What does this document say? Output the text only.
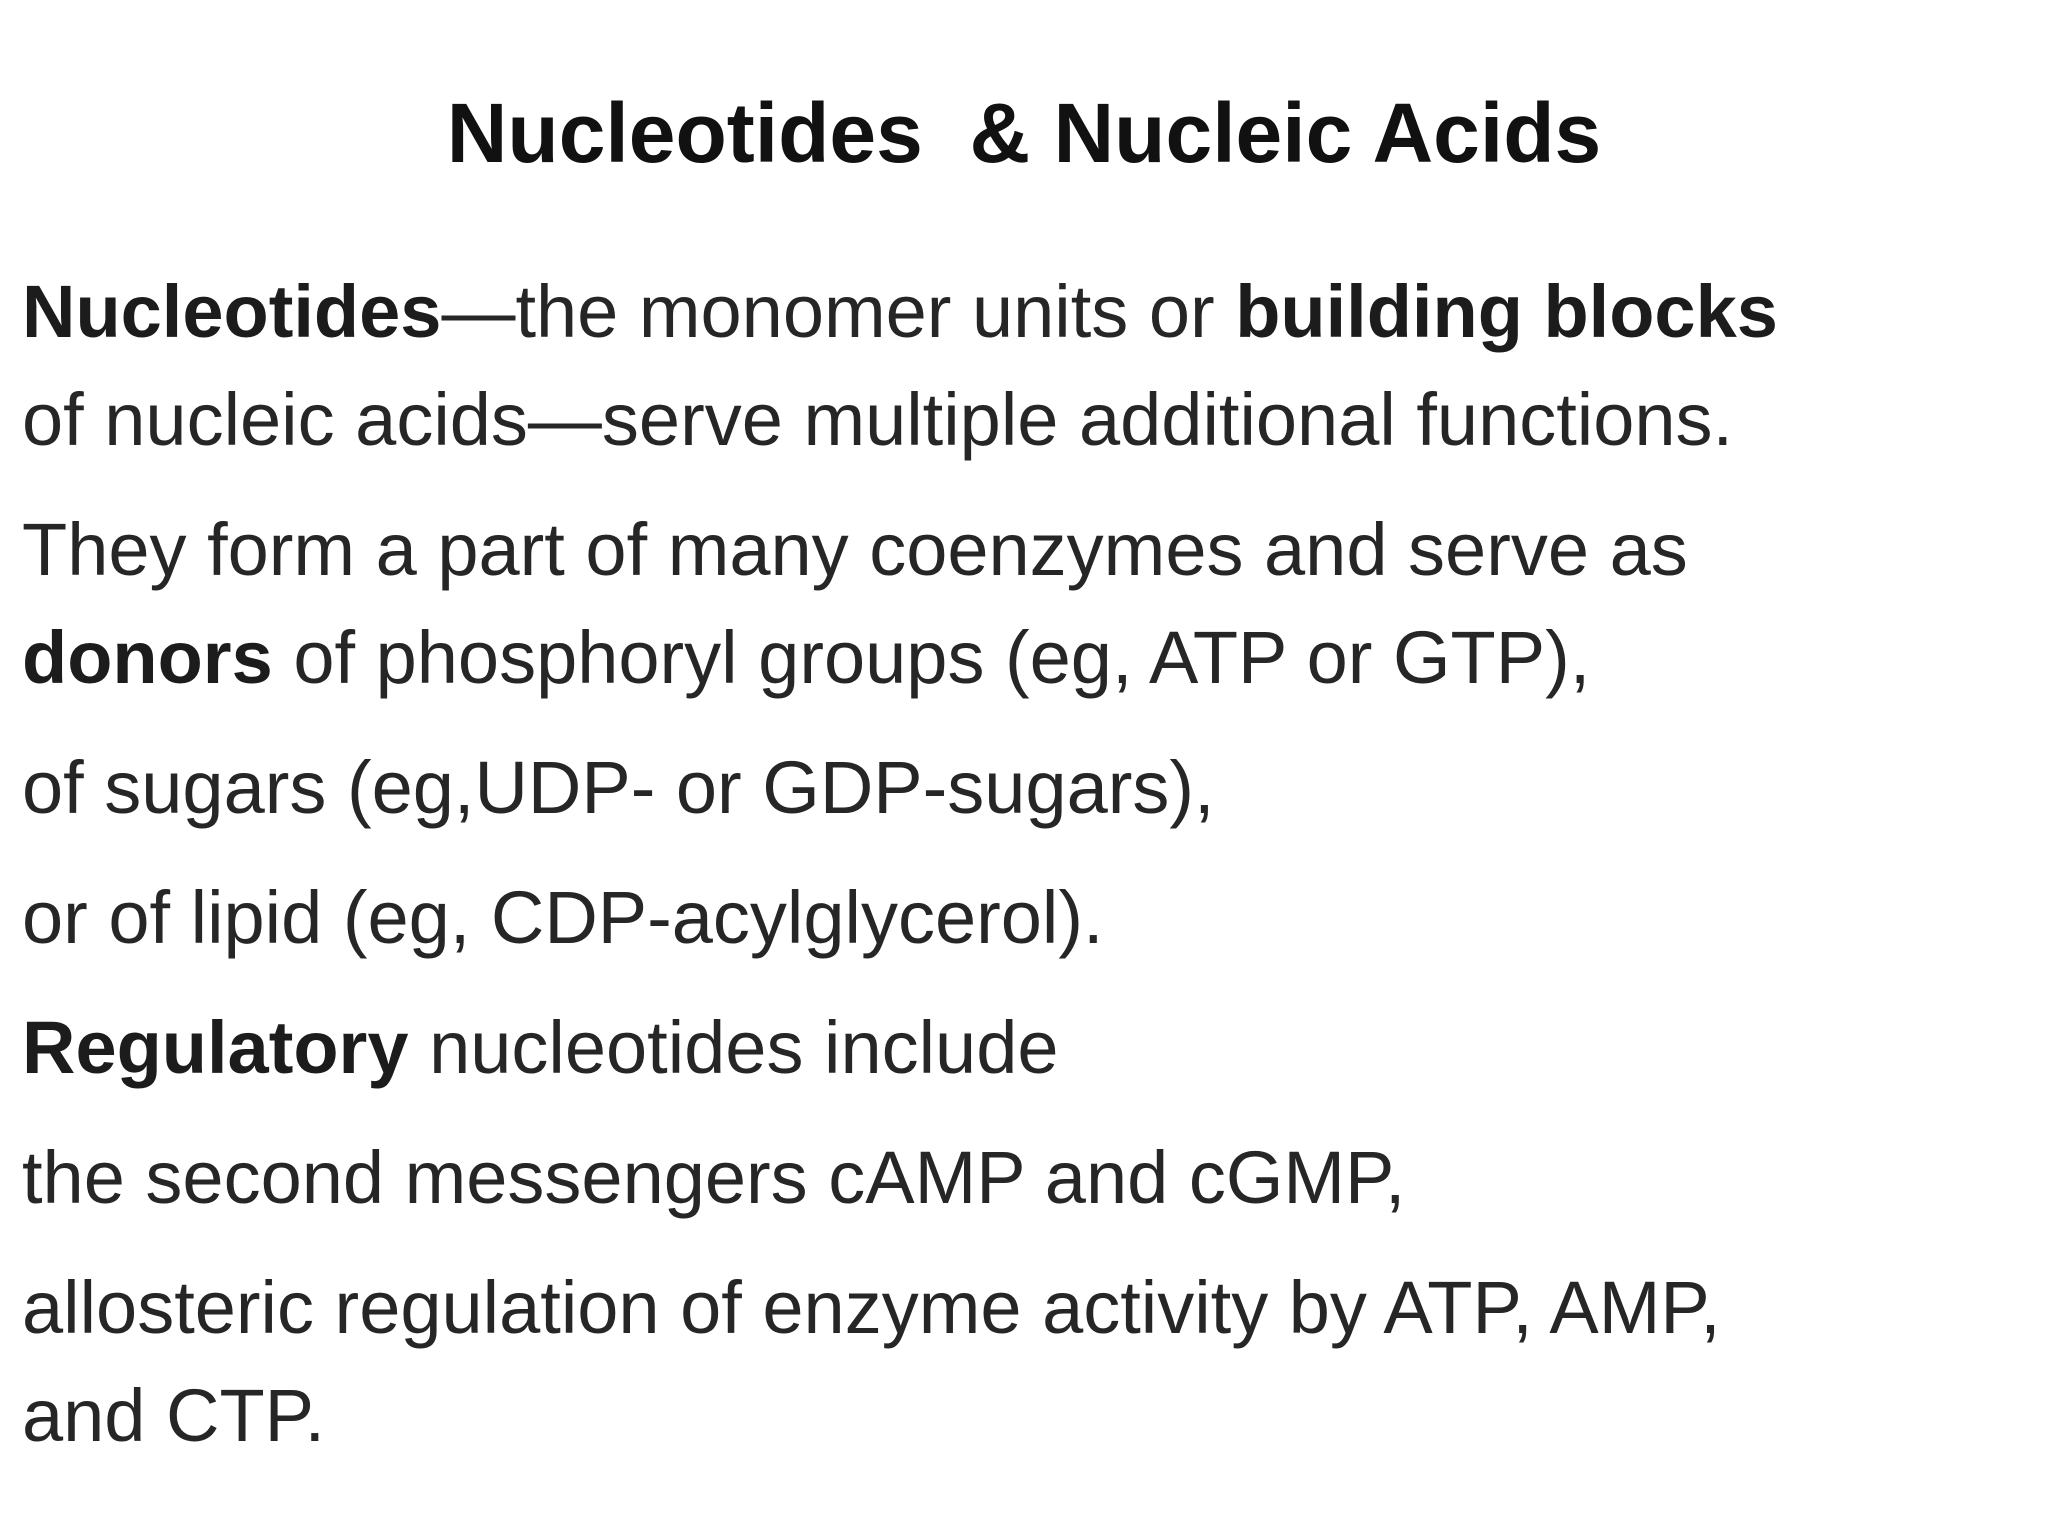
Nucleotides  & Nucleic Acids

Nucleotides—the monomer units or building blocks

of nucleic acids—serve multiple additional functions.

They form a part of many coenzymes and serve as

donors of phosphoryl groups (eg, ATP or GTP),

of sugars (eg,UDP- or GDP-sugars),

or of lipid (eg, CDP-acylglycerol).

Regulatory nucleotides include

the second messengers cAMP and cGMP,

allosteric regulation of enzyme activity by ATP, AMP,

and CTP.
